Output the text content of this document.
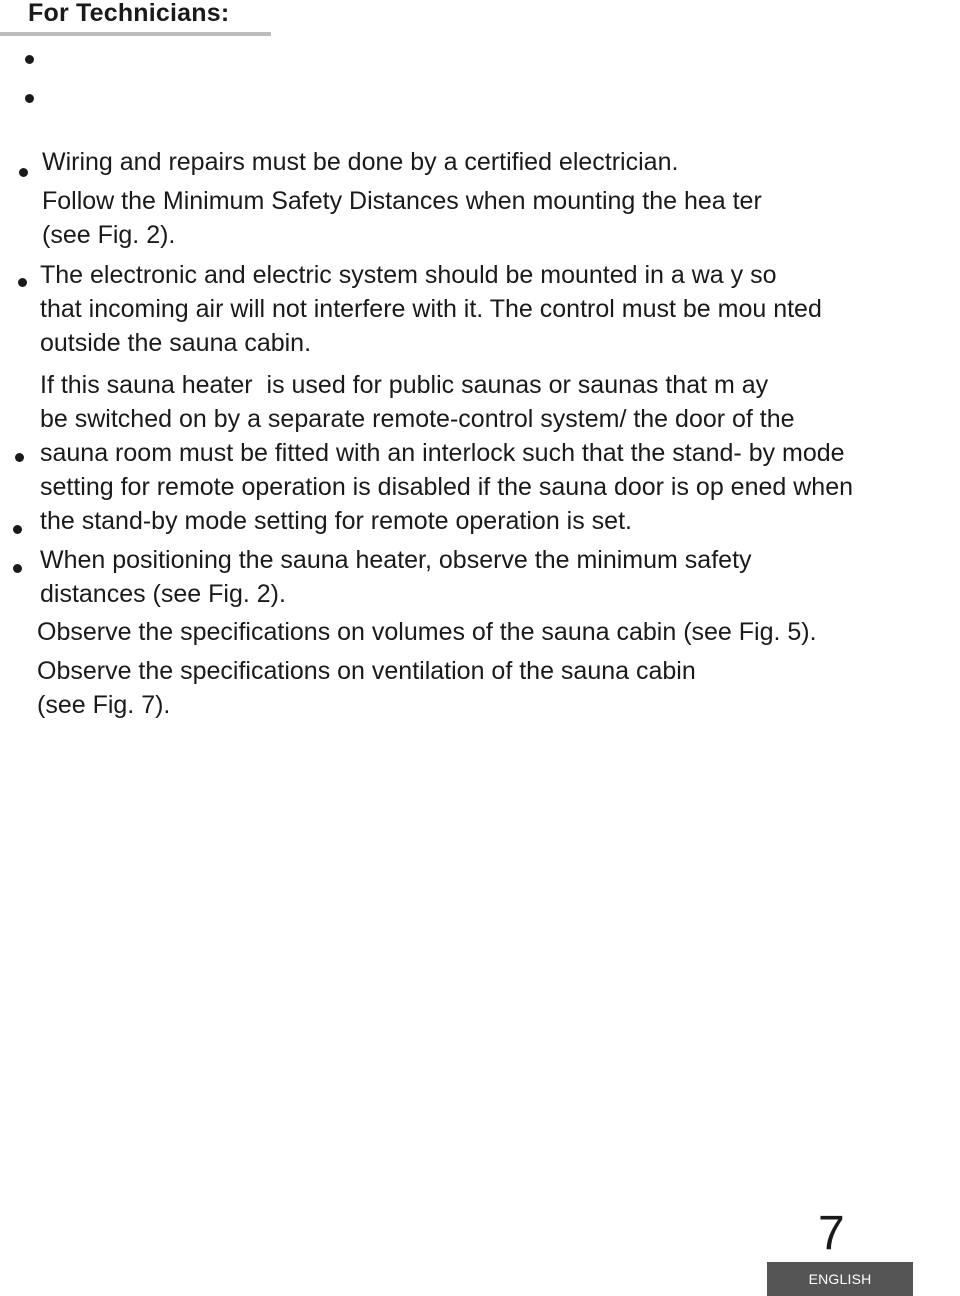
For Technicians:

Wiring and repairs must be done by a certified electrician.

Follow the Minimum Safety Distances when mounting the hea ter
(see Fig. 2).

The electronic and electric system should be mounted in a wa y so
that incoming air will not interfere with it. The control must be mou nted
outside the sauna cabin.

If this sauna heater  is used for public saunas or saunas that m ay
be switched on by a separate remote-control system/ the door of the
sauna room must be fitted with an interlock such that the stand- by mode
setting for remote operation is disabled if the sauna door is op ened when
the stand-by mode setting for remote operation is set.

When positioning the sauna heater, observe the minimum safety
distances (see Fig. 2).

Observe the specifications on volumes of the sauna cabin (see Fig. 5).

Observe the specifications on ventilation of the sauna cabin
(see Fig. 7).

7
ENGLISH
